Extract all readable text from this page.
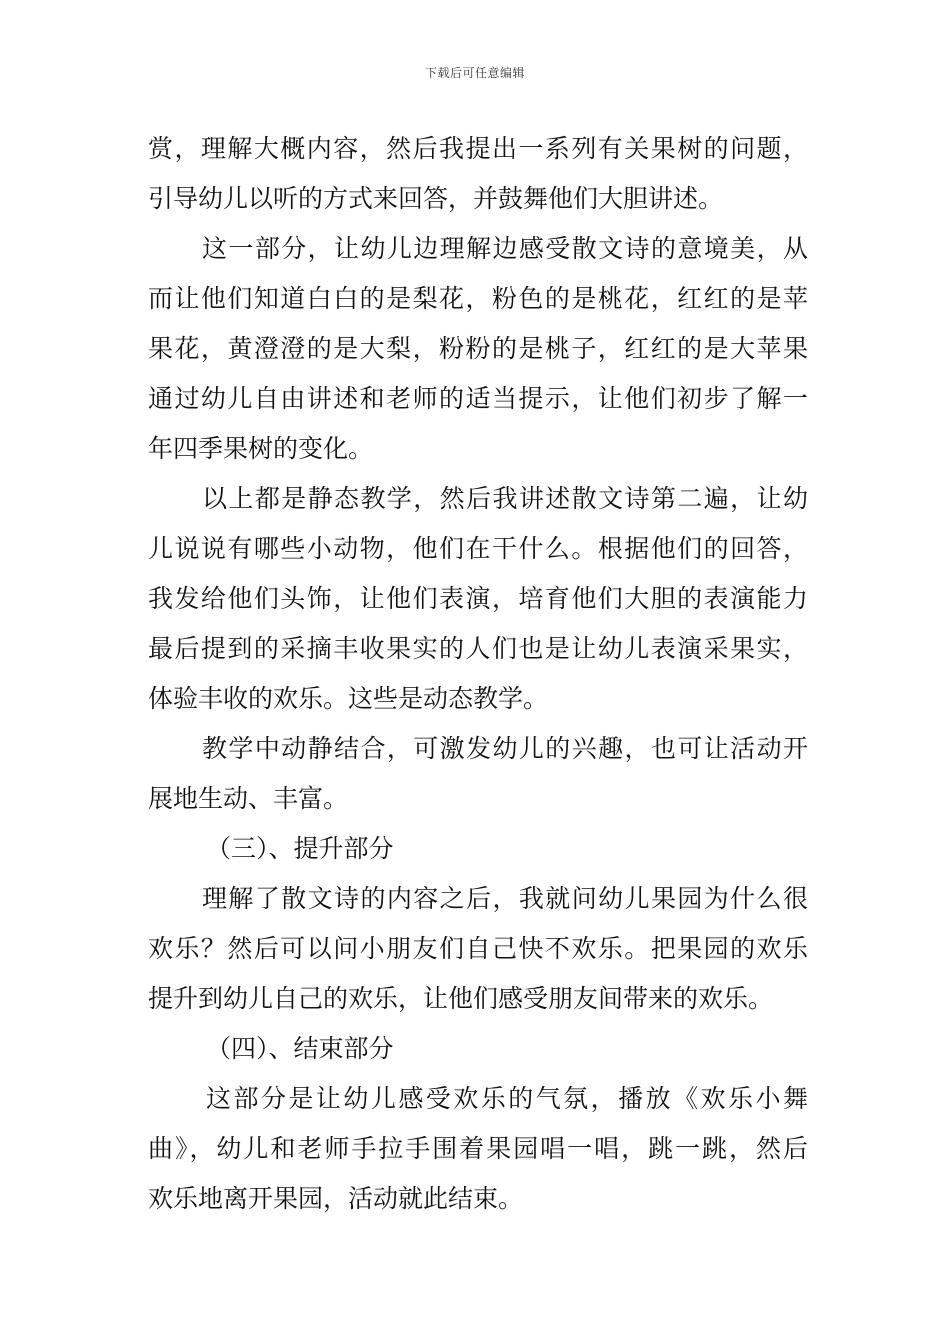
下载后可任意编辑
赏，理解大概内容，然后我提出一系列有关果树的问题，
引导幼儿以听的方式来回答，并鼓舞他们大胆讲述。
这一部分，让幼儿边理解边感受散文诗的意境美，从
而让他们知道白白的是梨花，粉色的是桃花，红红的是苹
果花，黄澄澄的是大梨，粉粉的是桃子，红红的是大苹果
通过幼儿自由讲述和老师的适当提示，让他们初步了解一
年四季果树的变化。
以上都是静态教学，然后我讲述散文诗第二遍，让幼
儿说说有哪些小动物，他们在干什么。根据他们的回答，
我发给他们头饰，让他们表演，培育他们大胆的表演能力
最后提到的采摘丰收果实的人们也是让幼儿表演采果实，
体验丰收的欢乐。这些是动态教学。
教学中动静结合，可激发幼儿的兴趣，也可让活动开
展地生动、丰富。
（三）、提升部分
理解了散文诗的内容之后，我就问幼儿果园为什么很
欢乐？然后可以问小朋友们自己快不欢乐。把果园的欢乐
提升到幼儿自己的欢乐，让他们感受朋友间带来的欢乐。
（四）、结束部分
这部分是让幼儿感受欢乐的气氛，播放《欢乐小舞
曲》，幼儿和老师手拉手围着果园唱一唱，跳一跳，然后
欢乐地离开果园，活动就此结束。
